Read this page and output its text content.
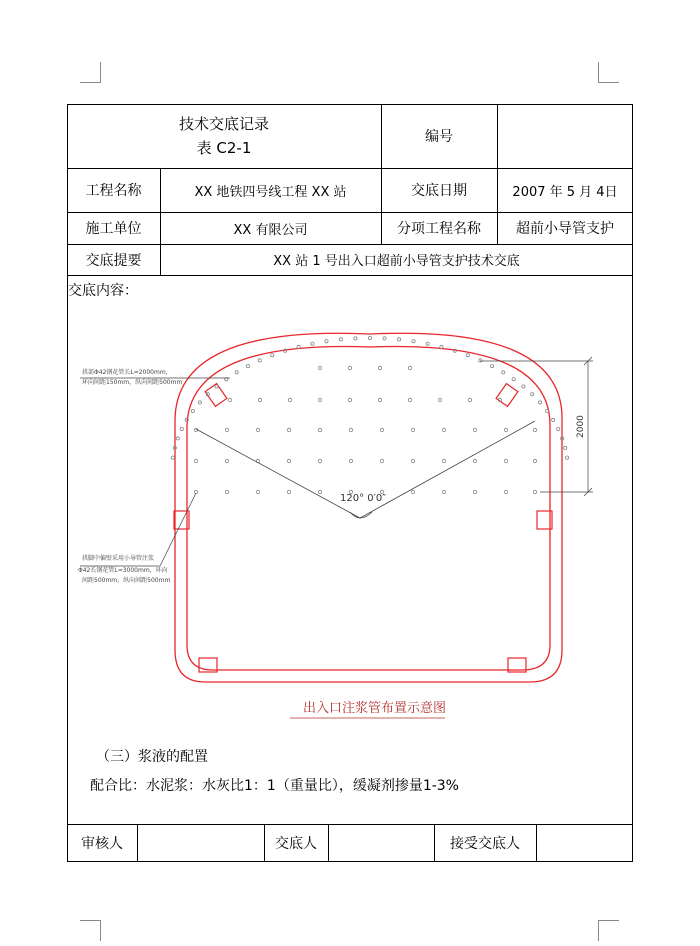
技术交底记录
表 C2-1
编号
工程名称	XX 地铁四号线工程 XX 站	交底日期	2007 年 5 月 4日
施工单位	XX 有限公司	分项工程名称	超前小导管支护
交底提要	XX 站 1 号出入口超前小导管支护技术交底
交底内容：
120° 0′0″
拱部Φ42钢花管长L=2000mm，
环向间距150mm，纵向间距500mm
拱脚中偏壁采用小导管注浆
Φ42长钢花管L=3000mm，环向
间距500mm，纵向间距500mm
2000
出入口注浆管布置示意图
（三）浆液的配置
配合比：水泥浆：水灰比1：1（重量比），缓凝剂掺量1-3%
审核人	交底人	接受交底人
